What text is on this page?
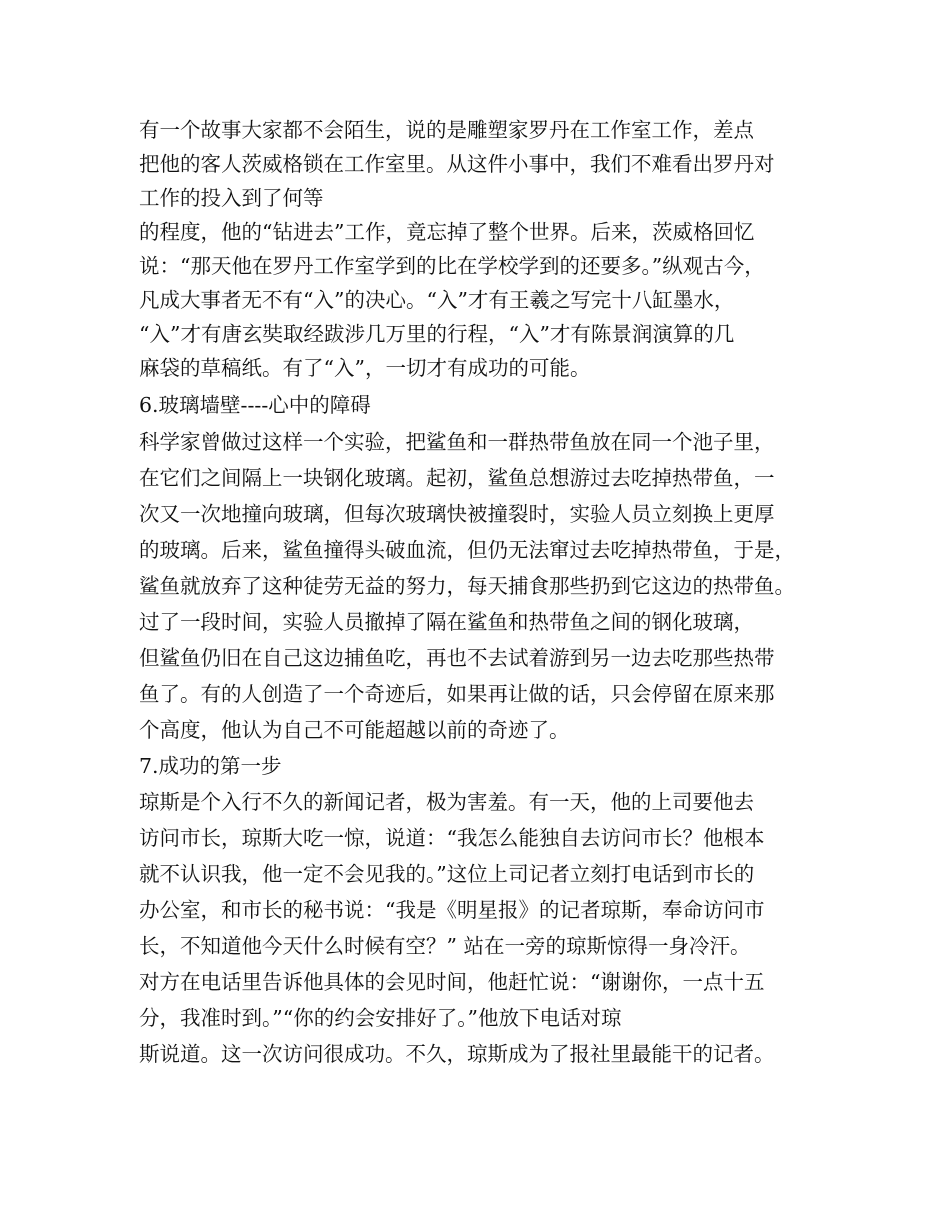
有一个故事大家都不会陌生，说的是雕塑家罗丹在工作室工作，差点
把他的客人茨威格锁在工作室里。从这件小事中，我们不难看出罗丹对
工作的投入到了何等
的程度，他的“钻进去”工作，竟忘掉了整个世界。后来，茨威格回忆
说：“那天他在罗丹工作室学到的比在学校学到的还要多。”纵观古今，
凡成大事者无不有“入”的决心。“入”才有王羲之写完十八缸墨水，
“入”才有唐玄奘取经跋涉几万里的行程，“入”才有陈景润演算的几
麻袋的草稿纸。有了“入”，一切才有成功的可能。
6.玻璃墙壁----心中的障碍
科学家曾做过这样一个实验，把鲨鱼和一群热带鱼放在同一个池子里，
在它们之间隔上一块钢化玻璃。起初，鲨鱼总想游过去吃掉热带鱼，一
次又一次地撞向玻璃，但每次玻璃快被撞裂时，实验人员立刻换上更厚
的玻璃。后来，鲨鱼撞得头破血流，但仍无法窜过去吃掉热带鱼，于是，
鲨鱼就放弃了这种徒劳无益的努力，每天捕食那些扔到它这边的热带鱼。
过了一段时间，实验人员撤掉了隔在鲨鱼和热带鱼之间的钢化玻璃，
但鲨鱼仍旧在自己这边捕鱼吃，再也不去试着游到另一边去吃那些热带
鱼了。有的人创造了一个奇迹后，如果再让做的话，只会停留在原来那
个高度，他认为自己不可能超越以前的奇迹了。
7.成功的第一步
琼斯是个入行不久的新闻记者，极为害羞。有一天，他的上司要他去
访问市长，琼斯大吃一惊，说道：“我怎么能独自去访问市长？他根本
就不认识我，他一定不会见我的。”这位上司记者立刻打电话到市长的
办公室，和市长的秘书说：“我是《明星报》的记者琼斯，奉命访问市
长，不知道他今天什么时候有空？” 站在一旁的琼斯惊得一身冷汗。
对方在电话里告诉他具体的会见时间，他赶忙说：“谢谢你，一点十五
分，我准时到。”“你的约会安排好了。”他放下电话对琼
斯说道。这一次访问很成功。不久，琼斯成为了报社里最能干的记者。
